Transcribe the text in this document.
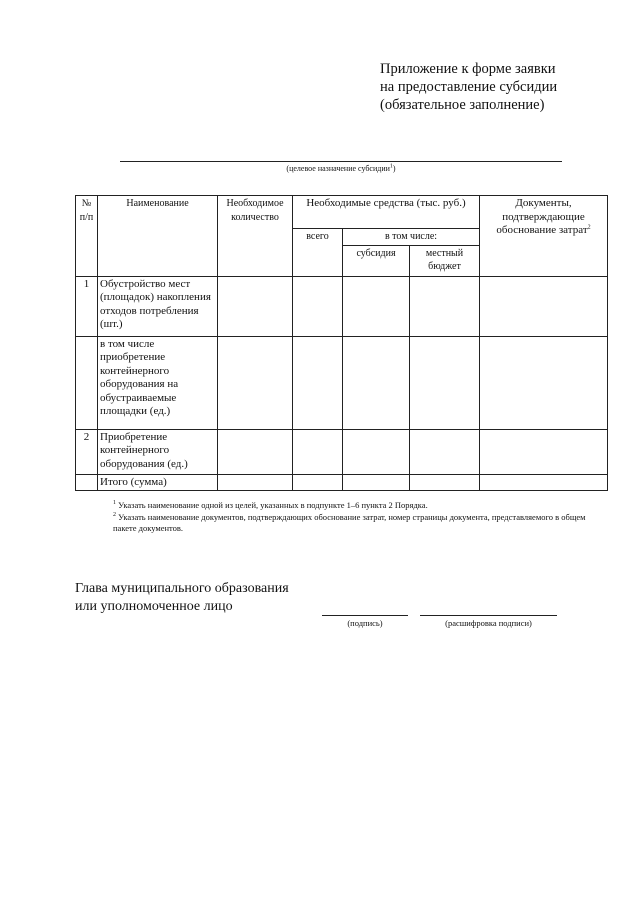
Приложение к форме заявки
на предоставление субсидии
(обязательное заполнение)
(целевое назначение субсидии$^1$)
№ п/п	Наименование	Необходимое количество	Необходимые средства (тыс. руб.)			Документы, подтверждающие обоснование затрат$^2$
			всего	в том числе:		
				субсидия	местный бюджет	
1	Обустройство мест (площадок) накопления отходов потребления (шт.)					
	в том числе приобретение контейнерного оборудования на обустраиваемые площадки (ед.)					
2	Приобретение контейнерного оборудования (ед.)					
	Итого (сумма)					
$^1$ Указать наименование одной из целей, указанных в подпункте 1–6 пункта 2 Порядка.
$^2$ Указать наименование документов, подтверждающих обоснование затрат, номер страницы документа, представляемого в общем пакете документов.
Глава муниципального образования
или уполномоченное лицо
(подпись)	(расшифровка подписи)
